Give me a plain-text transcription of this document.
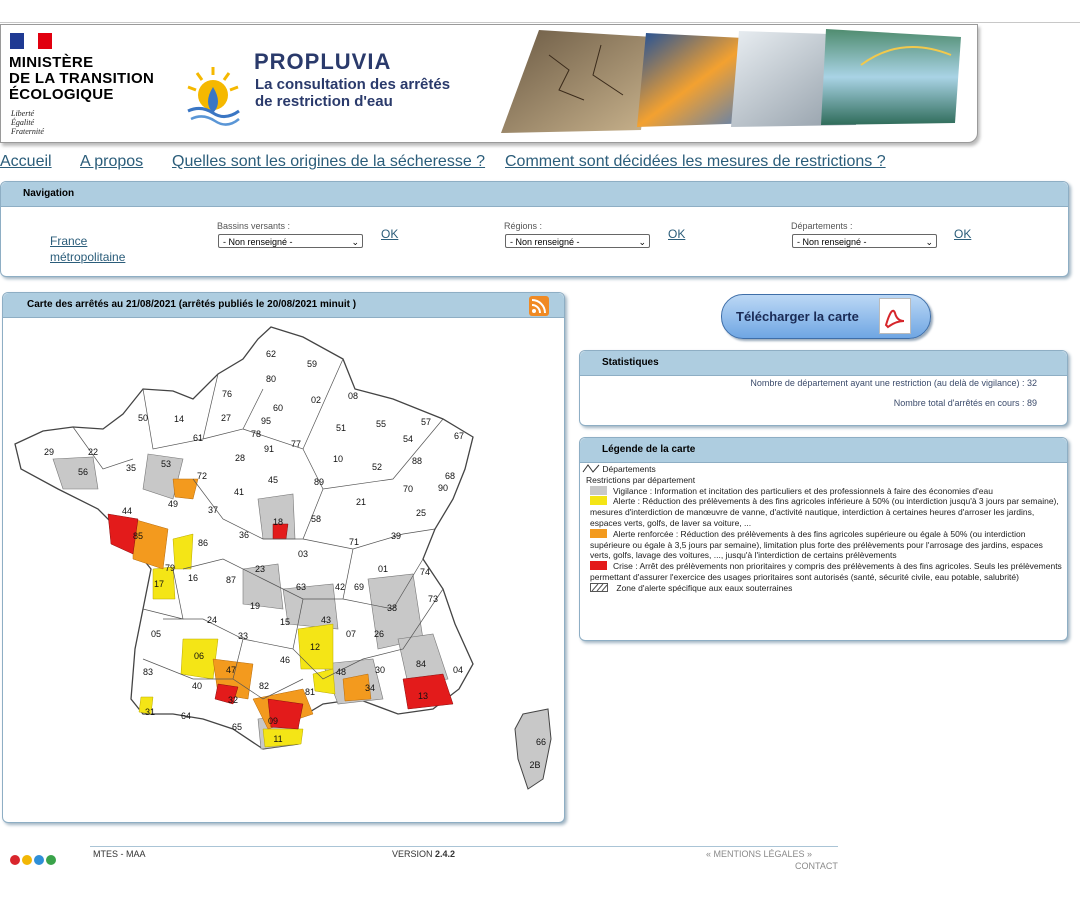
MINISTÈRE
DE LA TRANSITION
ÉCOLOGIQUE
Liberté
Égalité
Fraternité
PROPLUVIA
La consultation des arrêtés
de restriction d'eau
Accueil A propos Quelles sont les origines de la sécheresse ? Comment sont décidées les mesures de restrictions ?
Navigation
France métropolitaine
Bassins versants :
- Non renseigné -	⌄
OK
Régions :
- Non renseigné -	⌄
OK
Départements :
- Non renseigné -	⌄
OK
Carte des arrêtés au 21/08/2021 (arrêtés publiés le 20/08/2021 minuit )
62
59
80
76
02	08
60
50	14	27	95	57
55
54	67
51
29	22
61	78
91 77
10	88
68
56	35	53
72
28
52
70
41
45	89
21
25
44
49
37
18	58
90
85
86
36
03
71
39
79	01	74
17
16	87
23
63	42 69
73
38
19
24	15	43
07 26
05	33
46
12
48	30
84
04
06
47
82
81	34
13
83
40
32
31	64
65
09
11	66
2B
Télécharger la carte
Statistiques
Nombre de département ayant une restriction (au delà de vigilance) : 32
Nombre total d'arrêtés en cours : 89
Légende de la carte
Départements
Restrictions par département
Vigilance : Information et incitation des particuliers et des professionnels à faire des économies d'eau
Alerte : Réduction des prélèvements à des fins agricoles inférieure à 50% (ou interdiction jusqu'à 3 jours par semaine), mesures d'interdiction de manœuvre de vanne, d'activité nautique, interdiction à certaines heures d'arroser les jardins, espaces verts, golfs, de laver sa voiture, ...
Alerte renforcée : Réduction des prélèvements à des fins agricoles supérieure ou égale à 50% (ou interdiction supérieure ou égale à 3,5 jours par semaine), limitation plus forte des prélèvements pour l'arrosage des jardins, espaces verts, golfs, lavage des voitures, ..., jusqu'à l'interdiction de certains prélèvements
Crise : Arrêt des prélèvements non prioritaires y compris des prélèvements à des fins agricoles. Seuls les prélèvements permettant d'assurer l'exercice des usages prioritaires sont autorisés (santé, sécurité civile, eau potable, salubrité)
Zone d'alerte spécifique aux eaux souterraines
MTES - MAA	VERSION 2.4.2	« MENTIONS LÉGALES »
CONTACT
